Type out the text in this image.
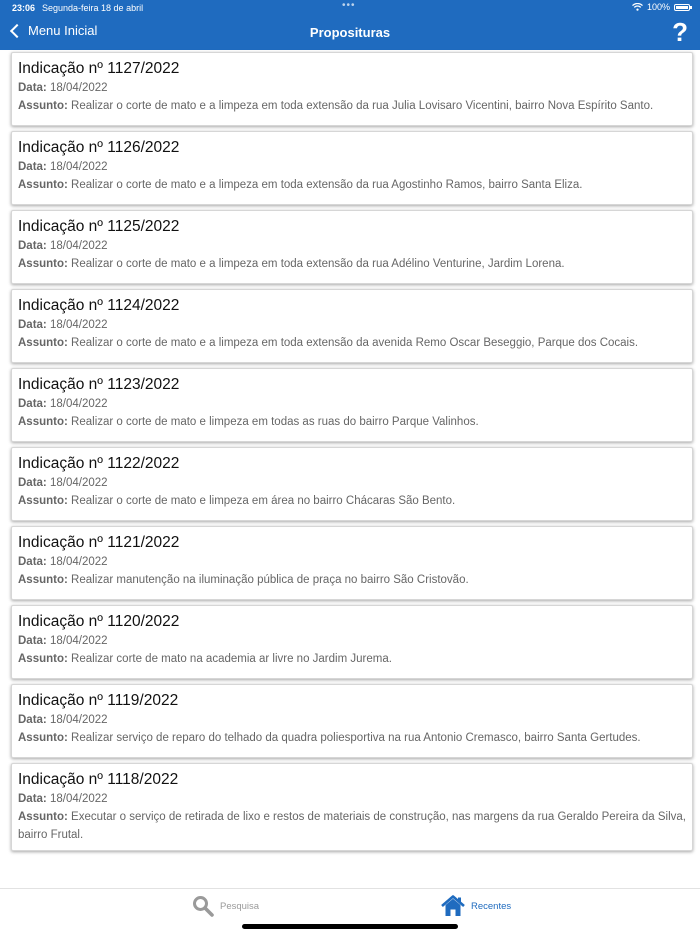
23:06 Segunda-feira 18 de abril	•••	100%
Menu Inicial	Proposituras	?
Indicação nº 1127/2022
Data: 18/04/2022
Assunto: Realizar o corte de mato e a limpeza em toda extensão da rua Julia Lovisaro Vicentini, bairro Nova Espírito Santo.
Indicação nº 1126/2022
Data: 18/04/2022
Assunto: Realizar o corte de mato e a limpeza em toda extensão da rua Agostinho Ramos, bairro Santa Eliza.
Indicação nº 1125/2022
Data: 18/04/2022
Assunto: Realizar o corte de mato e a limpeza em toda extensão da rua Adélino Venturine, Jardim Lorena.
Indicação nº 1124/2022
Data: 18/04/2022
Assunto: Realizar o corte de mato e a limpeza em toda extensão da avenida Remo Oscar Beseggio, Parque dos Cocais.
Indicação nº 1123/2022
Data: 18/04/2022
Assunto: Realizar o corte de mato e limpeza em todas as ruas do bairro Parque Valinhos.
Indicação nº 1122/2022
Data: 18/04/2022
Assunto: Realizar o corte de mato e limpeza em área no bairro Chácaras São Bento.
Indicação nº 1121/2022
Data: 18/04/2022
Assunto: Realizar manutenção na iluminação pública de praça no bairro São Cristovão.
Indicação nº 1120/2022
Data: 18/04/2022
Assunto: Realizar corte de mato na academia ar livre no Jardim Jurema.
Indicação nº 1119/2022
Data: 18/04/2022
Assunto: Realizar serviço de reparo do telhado da quadra poliesportiva na rua Antonio Cremasco, bairro Santa Gertudes.
Indicação nº 1118/2022
Data: 18/04/2022
Assunto: Executar o serviço de retirada de lixo e restos de materiais de construção, nas margens da rua Geraldo Pereira da Silva, bairro Frutal.
Pesquisa	Recentes
